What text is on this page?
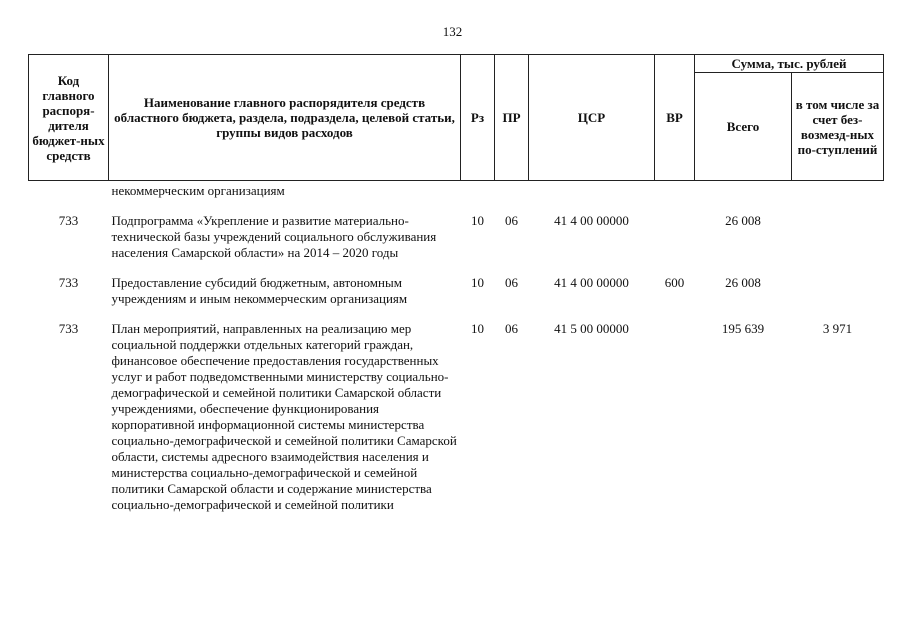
132
Код главного распоря-дителя бюджет-ных средств	Наименование главного распорядителя средств областного бюджета, раздела, подраздела, целевой статьи, группы видов расходов	Рз	ПР	ЦСР	ВР	Сумма, тыс. рублей	
						Всего	в том числе за счет без-возмезд-ных по-ступлений
	некоммерческим организациям						

733	Подпрограмма «Укрепление и развитие материально-технической базы учреждений социального обслуживания населения Самарской области» на 2014 – 2020 годы	10	06	41 4 00 00000		26 008	

733	Предоставление субсидий бюджетным, автономным учреждениям и иным некоммерческим организациям	10	06	41 4 00 00000	600	26 008	

733	План мероприятий, направленных на реализацию мер социальной поддержки отдельных категорий граждан, финансовое обеспечение предоставления государственных услуг и работ подведомственными министерству социально-демографической и семейной политики Самарской области учреждениями, обеспечение функционирования корпоративной информационной системы министерства социально-демографической и семейной политики Самарской области, системы адресного взаимодействия населения и министерства социально-демографической и семейной политики Самарской области и содержание министерства социально-демографической и семейной политики	10	06	41 5 00 00000		195 639	3 971
